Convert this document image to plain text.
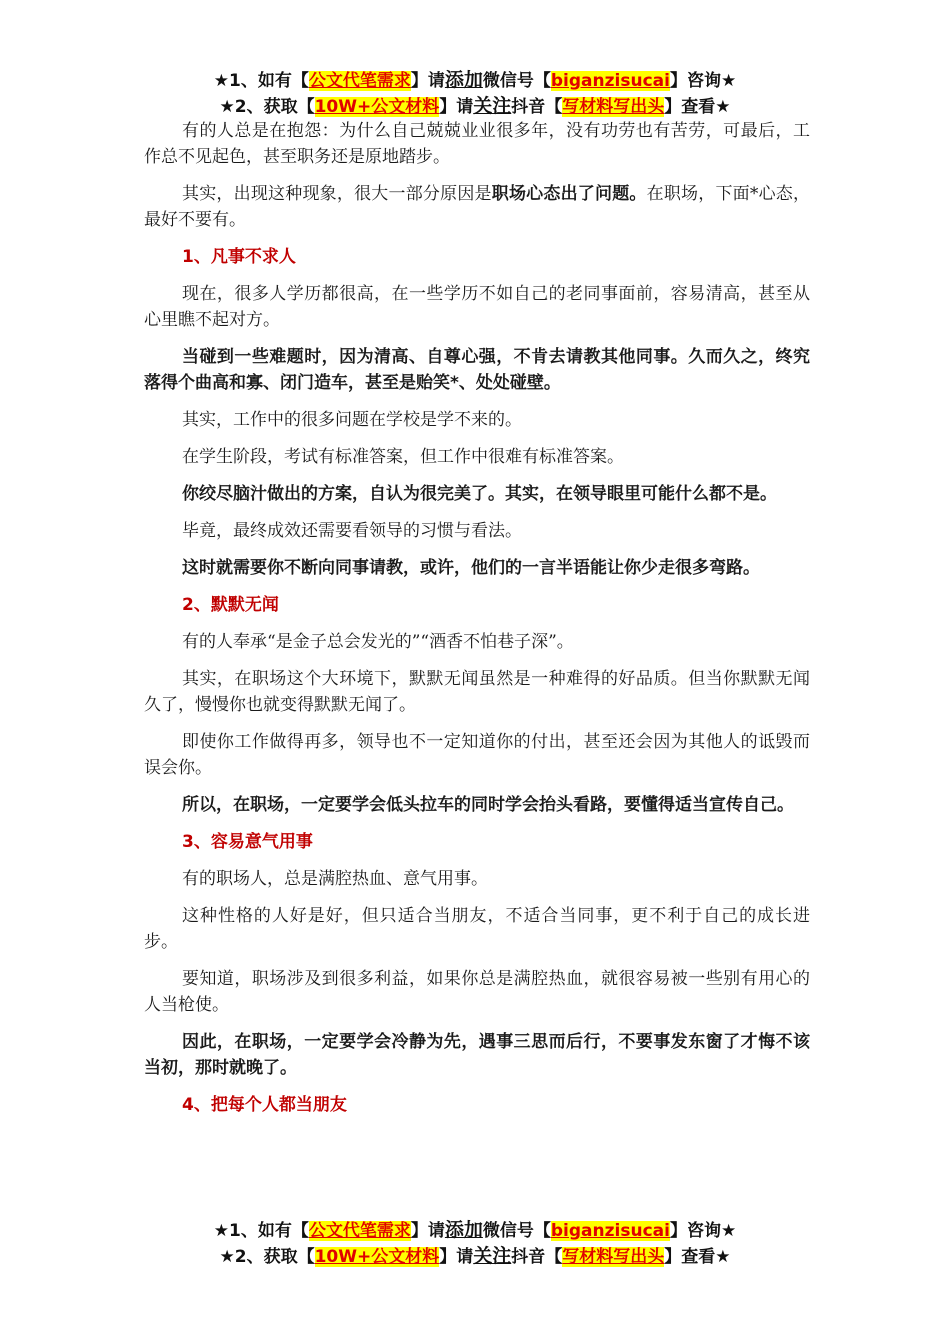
★1、如有【公文代笔需求】请添加微信号【biganzisucai】咨询★
★2、获取【10W+公文材料】请关注抖音【写材料写出头】查看★

有的人总是在抱怨：为什么自己兢兢业业很多年，没有功劳也有苦劳，可最后，工作总不见起色，甚至职务还是原地踏步。

其实，出现这种现象，很大一部分原因是职场心态出了问题。在职场，下面*心态，最好不要有。

1、凡事不求人

现在，很多人学历都很高，在一些学历不如自己的老同事面前，容易清高，甚至从心里瞧不起对方。

当碰到一些难题时，因为清高、自尊心强，不肯去请教其他同事。久而久之，终究落得个曲高和寡、闭门造车，甚至是贻笑*、处处碰壁。

其实，工作中的很多问题在学校是学不来的。

在学生阶段，考试有标准答案，但工作中很难有标准答案。

你绞尽脑汁做出的方案，自认为很完美了。其实，在领导眼里可能什么都不是。

毕竟，最终成效还需要看领导的习惯与看法。

这时就需要你不断向同事请教，或许，他们的一言半语能让你少走很多弯路。

2、默默无闻

有的人奉承“是金子总会发光的”“酒香不怕巷子深”。

其实，在职场这个大环境下，默默无闻虽然是一种难得的好品质。但当你默默无闻久了，慢慢你也就变得默默无闻了。

即使你工作做得再多，领导也不一定知道你的付出，甚至还会因为其他人的诋毁而误会你。

所以，在职场，一定要学会低头拉车的同时学会抬头看路，要懂得适当宣传自己。

3、容易意气用事

有的职场人，总是满腔热血、意气用事。

这种性格的人好是好，但只适合当朋友，不适合当同事，更不利于自己的成长进步。

要知道，职场涉及到很多利益，如果你总是满腔热血，就很容易被一些别有用心的人当枪使。

因此，在职场，一定要学会冷静为先，遇事三思而后行，不要事发东窗了才悔不该当初，那时就晚了。

4、把每个人都当朋友

★1、如有【公文代笔需求】请添加微信号【biganzisucai】咨询★
★2、获取【10W+公文材料】请关注抖音【写材料写出头】查看★
